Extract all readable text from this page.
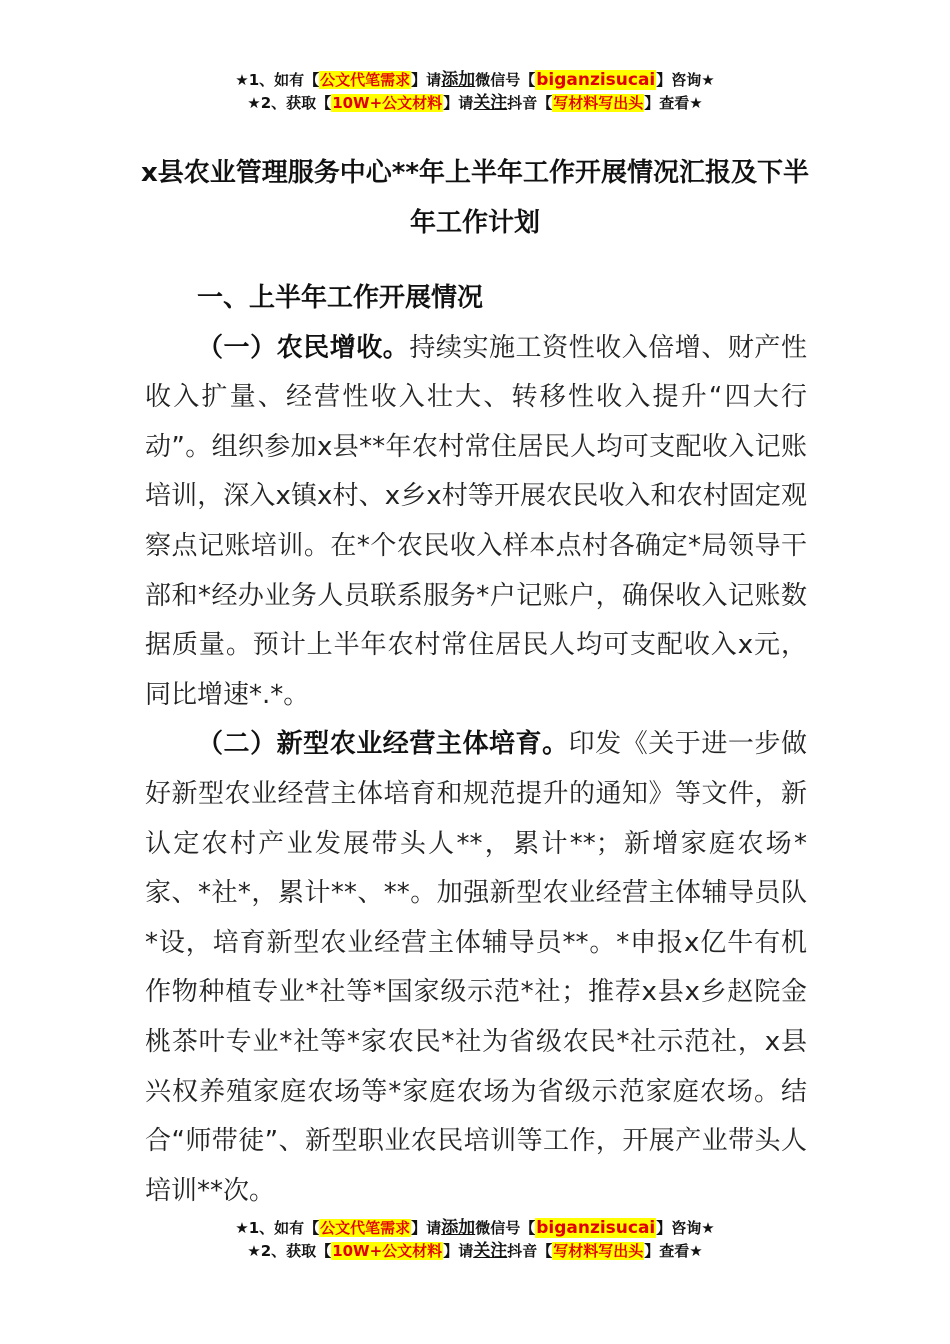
★1、如有【公文代笔需求】请添加微信号【biganzisucai】咨询★
★2、获取【10W+公文材料】请关注抖音【写材料写出头】查看★
x县农业管理服务中心**年上半年工作开展情况汇报及下半年工作计划

一、上半年工作开展情况

（一）农民增收。持续实施工资性收入倍增、财产性收入扩量、经营性收入壮大、转移性收入提升“四大行动”。组织参加x县**年农村常住居民人均可支配收入记账培训，深入x镇x村、x乡x村等开展农民收入和农村固定观察点记账培训。在*个农民收入样本点村各确定*局领导干部和*经办业务人员联系服务*户记账户，确保收入记账数据质量。预计上半年农村常住居民人均可支配收入x元，同比增速*.*。

（二）新型农业经营主体培育。印发《关于进一步做好新型农业经营主体培育和规范提升的通知》等文件，新认定农村产业发展带头人**，累计**；新增家庭农场*家、*社*，累计**、**。加强新型农业经营主体辅导员队*设，培育新型农业经营主体辅导员**。*申报x亿牛有机作物种植专业*社等*国家级示范*社；推荐x县x乡赵院金桃茶叶专业*社等*家农民*社为省级农民*社示范社，x县兴权养殖家庭农场等*家庭农场为省级示范家庭农场。结合“师带徒”、新型职业农民培训等工作，开展产业带头人培训**次。

★1、如有【公文代笔需求】请添加微信号【biganzisucai】咨询★
★2、获取【10W+公文材料】请关注抖音【写材料写出头】查看★
